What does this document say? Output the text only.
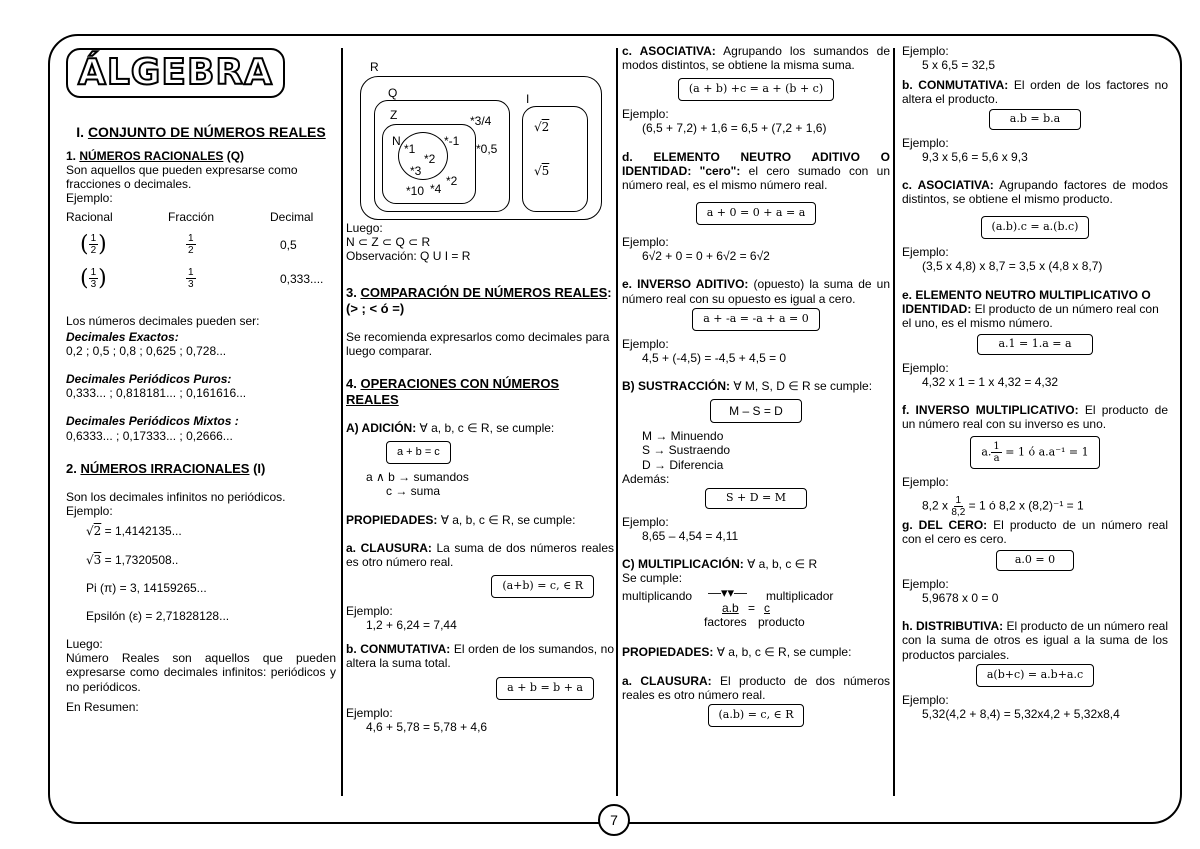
ÁLGEBRA
I. CONJUNTO DE NÚMEROS REALES
1. NÚMEROS RACIONALES (Q)
Son aquellos que pueden expresarse como fracciones o decimales.
Ejemplo:
Racional	Fracción	Decimal
( $\frac{1}{2}$ )	$\frac{1}{2}$	0,5
( $\frac{1}{3}$ )	$\frac{1}{3}$	0,333....
Los números decimales pueden ser:
Decimales Exactos:
0,2 ; 0,5 ; 0,8 ; 0,625 ; 0,728...
Decimales Periódicos Puros:
0,333... ; 0,818181... ; 0,161616...
Decimales Periódicos Mixtos :
0,6333... ; 0,17333... ; 0,2666...
2. NÚMEROS IRRACIONALES (I)
Son los decimales infinitos no periódicos.
Ejemplo:
√2 = 1,4142135...
√3 = 1,7320508..
Pi (π) = 3, 14159265...
Epsilón (ε) = 2,71828128...
Luego:
Número Reales son aquellos que pueden expresarse como decimales infinitos: periódicos y no periódicos.
En Resumen:
R
Q
Z
N
*1
*2
*3
*-1
*2
*10 *4
*3/4
*0,5
I
√2
√5
Luego:
N ⊂ Z ⊂ Q ⊂ R
Observación: Q U I = R
3. COMPARACIÓN DE NÚMEROS REALES: (> ; < ó =)
Se recomienda expresarlos como decimales para luego comparar.
4. OPERACIONES CON NÚMEROS REALES
A) ADICIÓN: ∀ a, b, c ∈ R, se cumple:
a + b = c
a ∧ b → sumandos
c → suma
PROPIEDADES: ∀ a, b, c ∈ R, se cumple:
a. CLAUSURA: La suma de dos números reales es otro número real.
(a+b) = c, ∈ R
Ejemplo:
1,2 + 6,24 = 7,44
b. CONMUTATIVA: El orden de los sumandos, no altera la suma total.
a + b = b + a
Ejemplo:
4,6 + 5,78 = 5,78 + 4,6
c. ASOCIATIVA: Agrupando los sumandos de modos distintos, se obtiene la misma suma.
(a + b) +c = a + (b + c)
Ejemplo:
(6,5 + 7,2) + 1,6 = 6,5 + (7,2 + 1,6)
d. ELEMENTO NEUTRO ADITIVO O IDENTIDAD: "cero": el cero sumado con un número real, es el mismo número real.
a + 0 = 0 + a = a
Ejemplo:
6√2 + 0 = 0 + 6√2 = 6√2
e. INVERSO ADITIVO: (opuesto) la suma de un número real con su opuesto es igual a cero.
a + -a = -a + a = 0
Ejemplo:
4,5 + (-4,5) = -4,5 + 4,5 = 0
B) SUSTRACCIÓN: ∀ M, S, D ∈ R se cumple:
M – S = D
M → Minuendo
S → Sustraendo
D → Diferencia
Además:
S + D = M
Ejemplo:
8,65 – 4,54 = 4,11
C) MULTIPLICACIÓN: ∀ a, b, c ∈ R
Se cumple:
multiplicando ―▾▾― multiplicador
a.b = c
factores producto
PROPIEDADES: ∀ a, b, c ∈ R, se cumple:
a. CLAUSURA: El producto de dos números reales es otro número real.
(a.b) = c, ∈ R
Ejemplo:
5 x 6,5 = 32,5
b. CONMUTATIVA: El orden de los factores no altera el producto.
a.b = b.a
Ejemplo:
9,3 x 5,6 = 5,6 x 9,3
c. ASOCIATIVA: Agrupando factores de modos distintos, se obtiene el mismo producto.
(a.b).c = a.(b.c)
Ejemplo:
(3,5 x 4,8) x 8,7 = 3,5 x (4,8 x 8,7)
e. ELEMENTO NEUTRO MULTIPLICATIVO O IDENTIDAD: El producto de un número real con el uno, es el mismo número.
a.1 = 1.a = a
Ejemplo:
4,32 x 1 = 1 x 4,32 = 4,32
f. INVERSO MULTIPLICATIVO: El producto de un número real con su inverso es uno.
a. $\frac{1}{a} = 1$ ó a.a⁻¹ = 1
Ejemplo:
8,2 x $\frac{1}{8,2} = 1$ ó 8,2 x (8,2)⁻¹ = 1
g. DEL CERO: El producto de un número real con el cero es cero.
a.0 = 0
Ejemplo:
5,9678 x 0 = 0
h. DISTRIBUTIVA: El producto de un número real con la suma de otros es igual a la suma de los productos parciales.
a(b+c) = a.b+a.c
Ejemplo:
5,32(4,2 + 8,4) = 5,32x4,2 + 5,32x8,4
7
